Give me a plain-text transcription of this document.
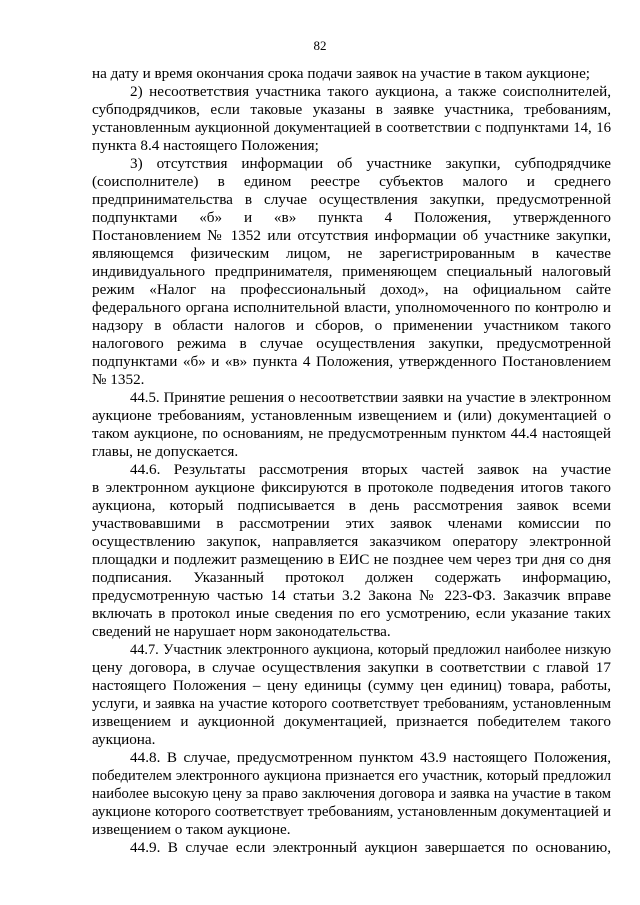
82
на дату и время окончания срока подачи заявок на участие в таком аукционе;
2) несоответствия участника такого аукциона, а также соисполнителей,
субподрядчиков, если таковые указаны в заявке участника, требованиям,
установленным аукционной документацией в соответствии с подпунктами 14, 16
пункта 8.4 настоящего Положения;
3) отсутствия информации об участнике закупки, субподрядчике
(соисполнителе) в едином реестре субъектов малого и среднего
предпринимательства в случае осуществления закупки, предусмотренной
подпунктами «б» и «в» пункта 4 Положения, утвержденного
Постановлением № 1352 или отсутствия информации об участнике закупки,
являющемся физическим лицом, не зарегистрированным в качестве
индивидуального предпринимателя, применяющем специальный налоговый
режим «Налог на профессиональный доход», на официальном сайте
федерального органа исполнительной власти, уполномоченного по контролю и
надзору в области налогов и сборов, о применении участником такого
налогового режима в случае осуществления закупки, предусмотренной
подпунктами «б» и «в» пункта 4 Положения, утвержденного Постановлением
№ 1352.
44.5. Принятие решения о несоответствии заявки на участие в электронном
аукционе требованиям, установленным извещением и (или) документацией о
таком аукционе, по основаниям, не предусмотренным пунктом 44.4 настоящей
главы, не допускается.
44.6. Результаты рассмотрения вторых частей заявок на участие
в электронном аукционе фиксируются в протоколе подведения итогов такого
аукциона, который подписывается в день рассмотрения заявок всеми
участвовавшими в рассмотрении этих заявок членами комиссии по
осуществлению закупок, направляется заказчиком оператору электронной
площадки и подлежит размещению в ЕИС не позднее чем через три дня со дня
подписания. Указанный протокол должен содержать информацию,
предусмотренную частью 14 статьи 3.2 Закона № 223-ФЗ. Заказчик вправе
включать в протокол иные сведения по его усмотрению, если указание таких
сведений не нарушает норм законодательства.
44.7. Участник электронного аукциона, который предложил наиболее низкую
цену договора, в случае осуществления закупки в соответствии с главой 17
настоящего Положения – цену единицы (сумму цен единиц) товара, работы,
услуги, и заявка на участие которого соответствует требованиям, установленным
извещением и аукционной документацией, признается победителем такого
аукциона.
44.8. В случае, предусмотренном пунктом 43.9 настоящего Положения,
победителем электронного аукциона признается его участник, который предложил
наиболее высокую цену за право заключения договора и заявка на участие в таком
аукционе которого соответствует требованиям, установленным документацией и
извещением о таком аукционе.
44.9. В случае если электронный аукцион завершается по основанию,
